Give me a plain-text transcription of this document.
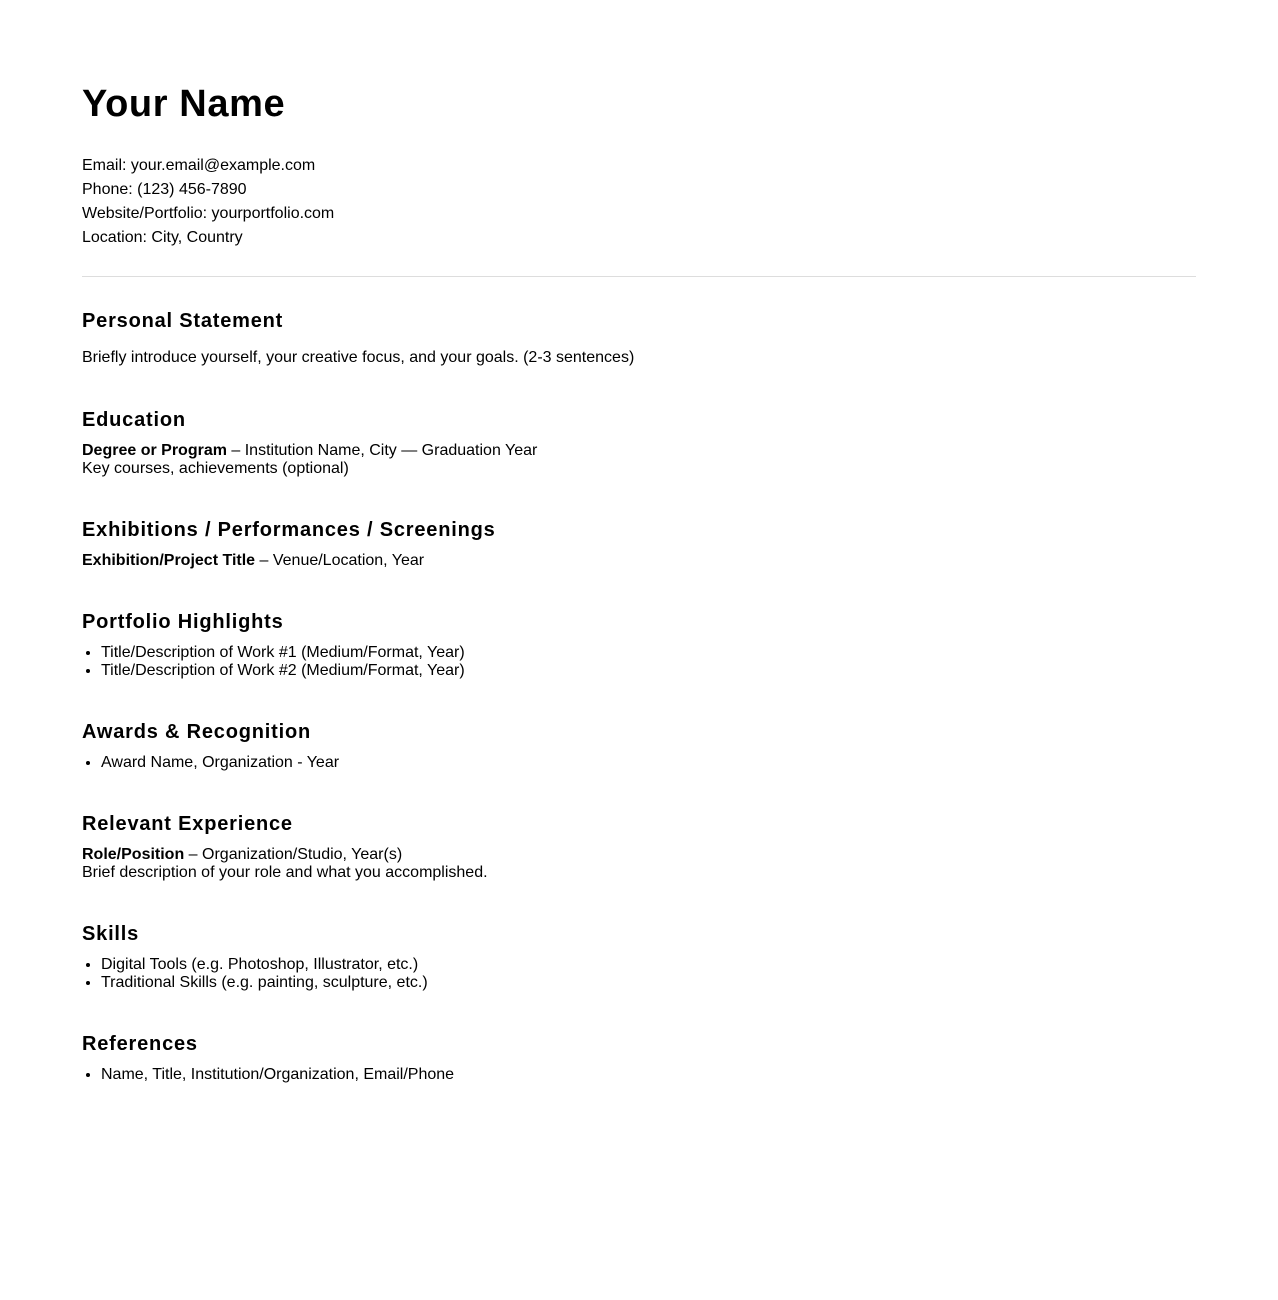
Your Name
Email: your.email@example.com
Phone: (123) 456-7890
Website/Portfolio: yourportfolio.com
Location: City, Country
Personal Statement

Briefly introduce yourself, your creative focus, and your goals. (2-3 sentences)

Education
Degree or Program – Institution Name, City — Graduation Year
Key courses, achievements (optional)
Exhibitions / Performances / Screenings
Exhibition/Project Title – Venue/Location, Year
Portfolio Highlights
• Title/Description of Work #1 (Medium/Format, Year)
• Title/Description of Work #2 (Medium/Format, Year)
Awards & Recognition
• Award Name, Organization - Year
Relevant Experience
Role/Position – Organization/Studio, Year(s)
Brief description of your role and what you accomplished.
Skills
• Digital Tools (e.g. Photoshop, Illustrator, etc.)
• Traditional Skills (e.g. painting, sculpture, etc.)
References
• Name, Title, Institution/Organization, Email/Phone
